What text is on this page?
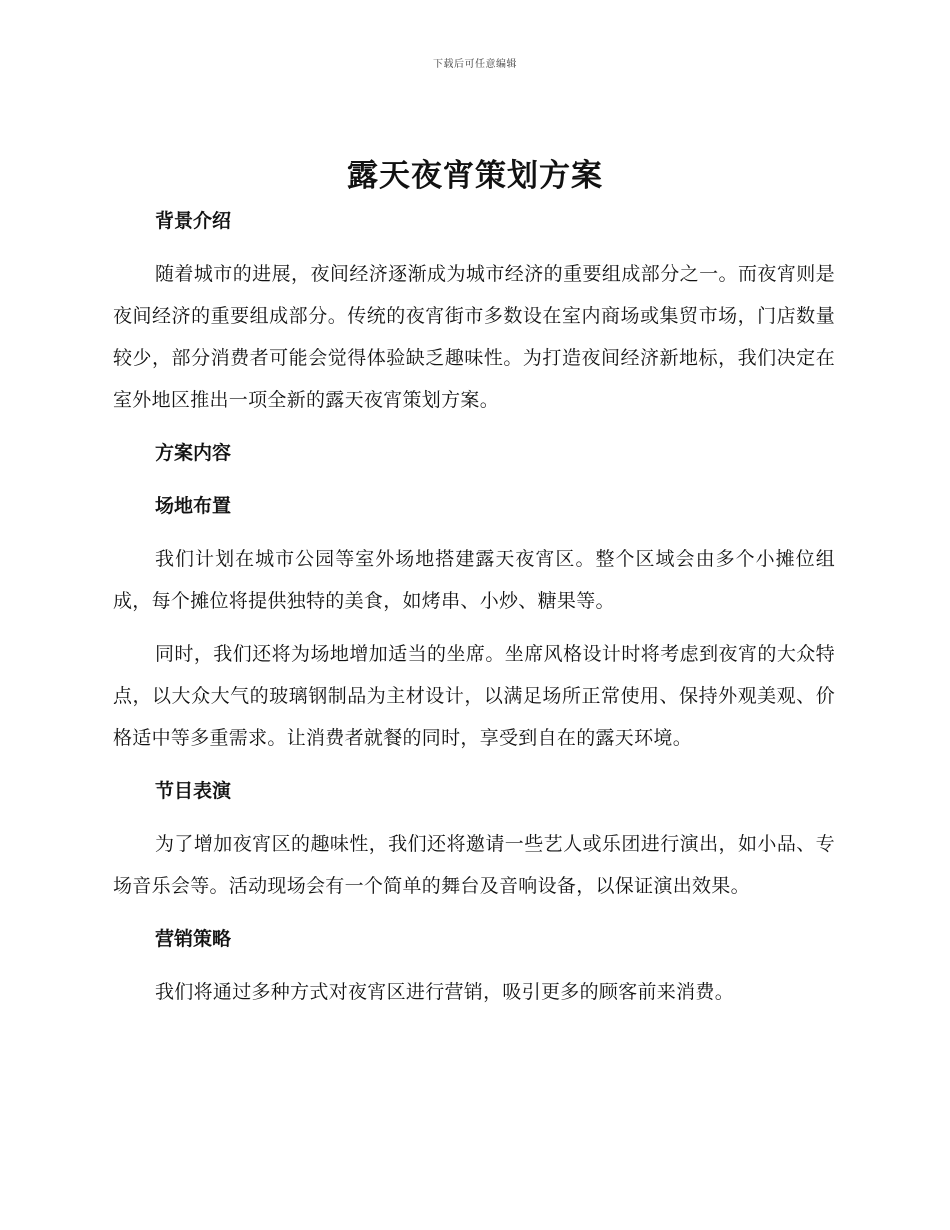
下载后可任意编辑
露天夜宵策划方案
背景介绍

随着城市的进展，夜间经济逐渐成为城市经济的重要组成部分之一。而夜宵则是夜间经济的重要组成部分。传统的夜宵街市多数设在室内商场或集贸市场，门店数量较少，部分消费者可能会觉得体验缺乏趣味性。为打造夜间经济新地标，我们决定在室外地区推出一项全新的露天夜宵策划方案。

方案内容
场地布置

我们计划在城市公园等室外场地搭建露天夜宵区。整个区域会由多个小摊位组成，每个摊位将提供独特的美食，如烤串、小炒、糖果等。

同时，我们还将为场地增加适当的坐席。坐席风格设计时将考虑到夜宵的大众特点，以大众大气的玻璃钢制品为主材设计，以满足场所正常使用、保持外观美观、价格适中等多重需求。让消费者就餐的同时，享受到自在的露天环境。

节目表演

为了增加夜宵区的趣味性，我们还将邀请一些艺人或乐团进行演出，如小品、专场音乐会等。活动现场会有一个简单的舞台及音响设备，以保证演出效果。

营销策略

我们将通过多种方式对夜宵区进行营销，吸引更多的顾客前来消费。
